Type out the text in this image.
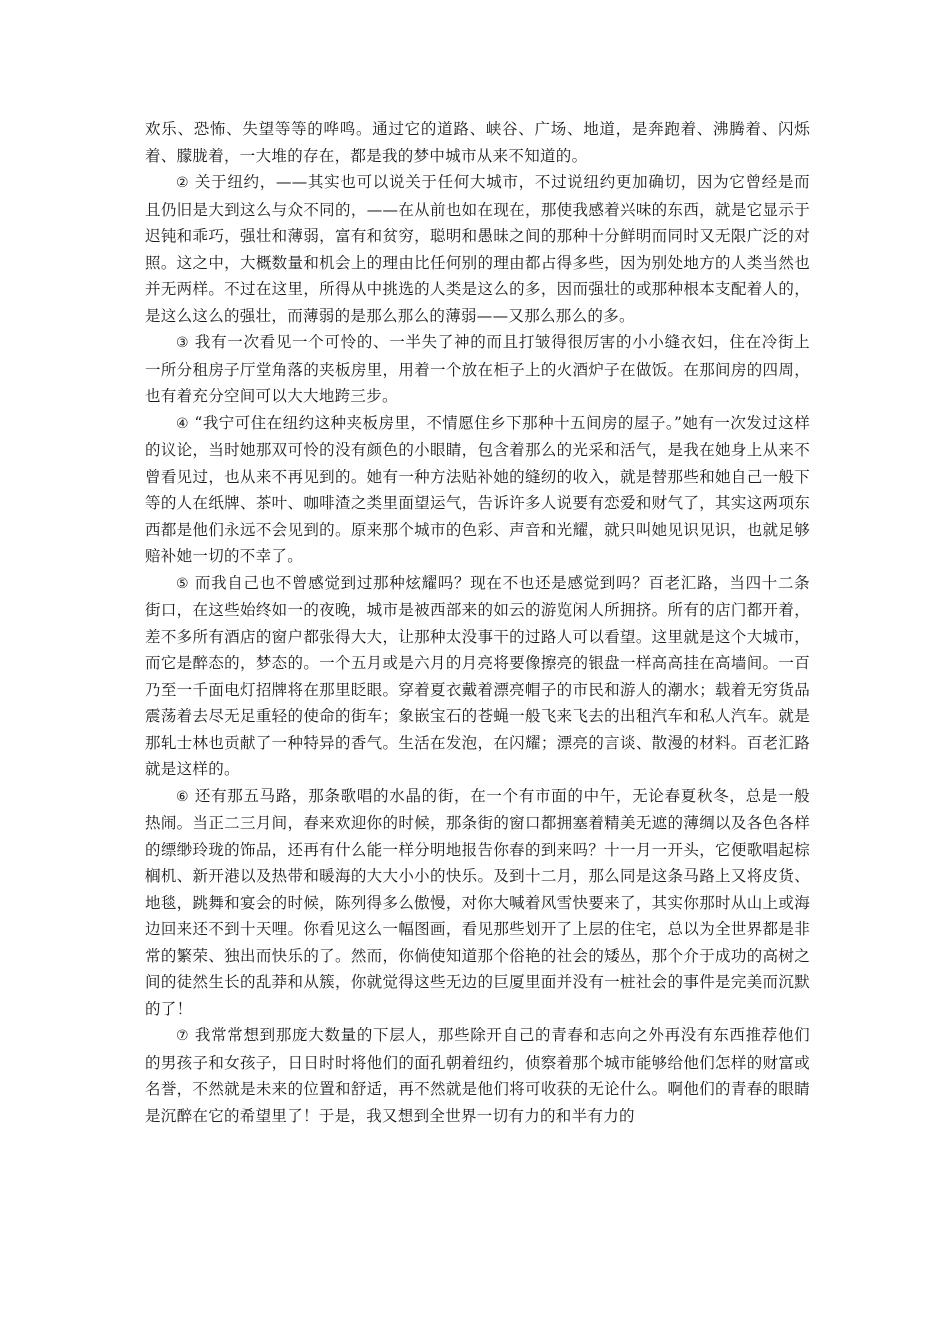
欢乐、恐怖、失望等等的哗鸣。通过它的道路、峡谷、广场、地道，是奔跑着、沸腾着、闪烁着、朦胧着，一大堆的存在，都是我的梦中城市从来不知道的。

② 关于纽约，——其实也可以说关于任何大城市，不过说纽约更加确切，因为它曾经是而且仍旧是大到这么与众不同的，——在从前也如在现在，那使我感着兴味的东西，就是它显示于迟钝和乖巧，强壮和薄弱，富有和贫穷，聪明和愚昧之间的那种十分鲜明而同时又无限广泛的对照。这之中，大概数量和机会上的理由比任何别的理由都占得多些，因为别处地方的人类当然也并无两样。不过在这里，所得从中挑选的人类是这么的多，因而强壮的或那种根本支配着人的，是这么这么的强壮，而薄弱的是那么那么的薄弱——又那么那么的多。

③ 我有一次看见一个可怜的、一半失了神的而且打皱得很厉害的小小缝衣妇，住在冷街上一所分租房子厅堂角落的夹板房里，用着一个放在柜子上的火酒炉子在做饭。在那间房的四周，也有着充分空间可以大大地跨三步。

④ “我宁可住在纽约这种夹板房里，不情愿住乡下那种十五间房的屋子。”她有一次发过这样的议论，当时她那双可怜的没有颜色的小眼睛，包含着那么的光采和活气，是我在她身上从来不曾看见过，也从来不再见到的。她有一种方法贴补她的缝纫的收入，就是替那些和她自己一般下等的人在纸牌、茶叶、咖啡渣之类里面望运气，告诉许多人说要有恋爱和财气了，其实这两项东西都是他们永远不会见到的。原来那个城市的色彩、声音和光耀，就只叫她见识见识，也就足够赔补她一切的不幸了。

⑤ 而我自己也不曾感觉到过那种炫耀吗？现在不也还是感觉到吗？百老汇路，当四十二条街口，在这些始终如一的夜晚，城市是被西部来的如云的游览闲人所拥挤。所有的店门都开着，差不多所有酒店的窗户都张得大大，让那种太没事干的过路人可以看望。这里就是这个大城市，而它是醉态的，梦态的。一个五月或是六月的月亮将要像擦亮的银盘一样高高挂在高墙间。一百乃至一千面电灯招牌将在那里眨眼。穿着夏衣戴着漂亮帽子的市民和游人的潮水；载着无穷货品震荡着去尽无足重轻的使命的街车；象嵌宝石的苍蝇一般飞来飞去的出租汽车和私人汽车。就是那轧士林也贡献了一种特异的香气。生活在发泡，在闪耀；漂亮的言谈、散漫的材料。百老汇路就是这样的。

⑥ 还有那五马路，那条歌唱的水晶的街，在一个有市面的中午，无论春夏秋冬，总是一般热闹。当正二三月间，春来欢迎你的时候，那条街的窗口都拥塞着精美无遮的薄绸以及各色各样的缥缈玲珑的饰品，还再有什么能一样分明地报告你春的到来吗？十一月一开头，它便歌唱起棕榈机、新开港以及热带和暖海的大大小小的快乐。及到十二月，那么同是这条马路上又将皮货、地毯，跳舞和宴会的时候，陈列得多么傲慢，对你大喊着风雪快要来了，其实你那时从山上或海边回来还不到十天哩。你看见这么一幅图画，看见那些划开了上层的住宅，总以为全世界都是非常的繁荣、独出而快乐的了。然而，你倘使知道那个俗艳的社会的矮丛，那个介于成功的高树之间的徒然生长的乱莽和从簇，你就觉得这些无边的巨厦里面并没有一桩社会的事件是完美而沉默的了！

⑦ 我常常想到那庞大数量的下层人，那些除开自己的青春和志向之外再没有东西推荐他们的男孩子和女孩子，日日时时将他们的面孔朝着纽约，侦察着那个城市能够给他们怎样的财富或名誉，不然就是未来的位置和舒适，再不然就是他们将可收获的无论什么。啊他们的青春的眼睛是沉醉在它的希望里了！于是，我又想到全世界一切有力的和半有力的
